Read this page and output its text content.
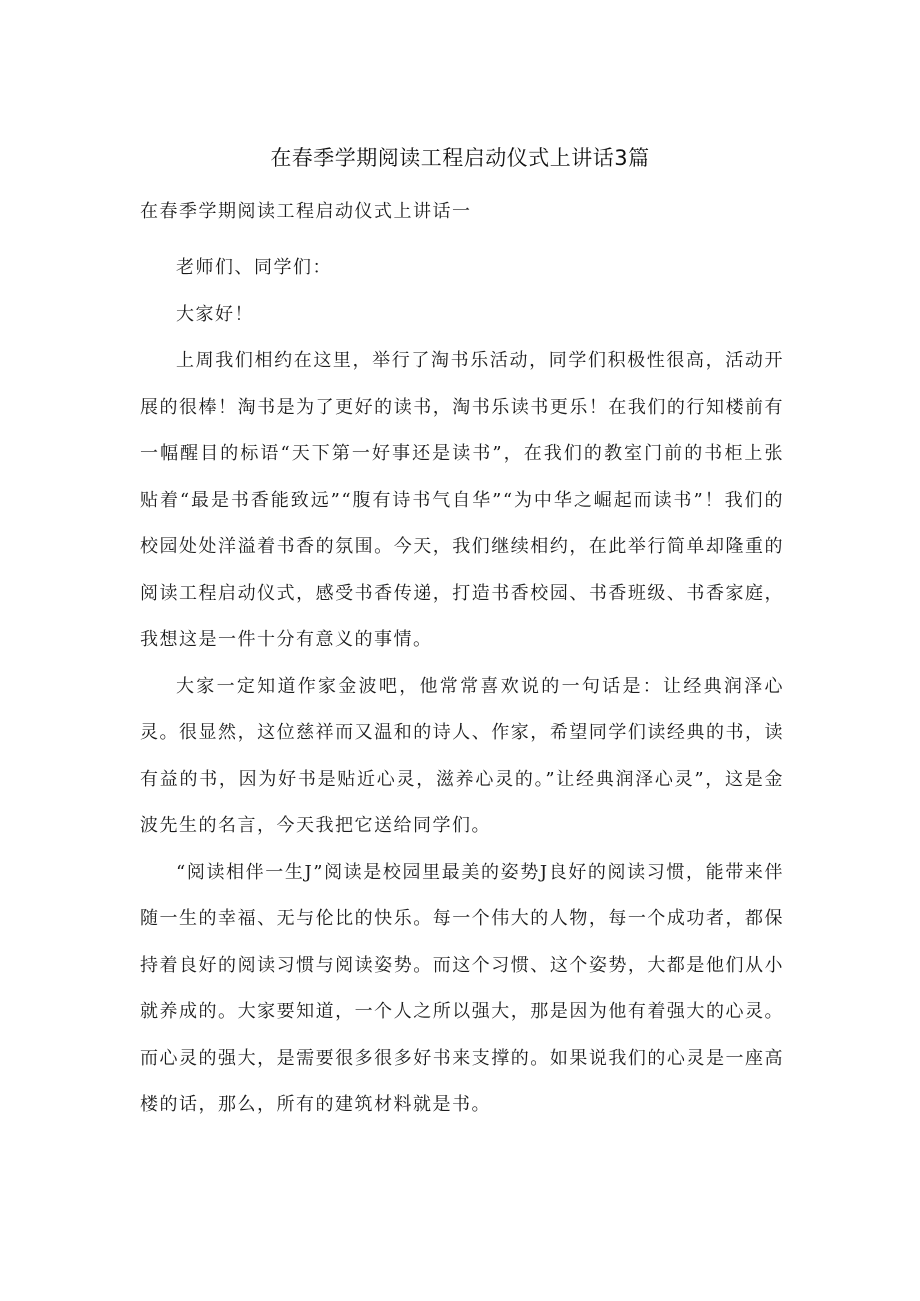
在春季学期阅读工程启动仪式上讲话3篇
在春季学期阅读工程启动仪式上讲话一

老师们、同学们：

大家好！

上周我们相约在这里，举行了淘书乐活动，同学们积极性很高，活动开展的很棒！淘书是为了更好的读书，淘书乐读书更乐！在我们的行知楼前有一幅醒目的标语“天下第一好事还是读书”，在我们的教室门前的书柜上张贴着“最是书香能致远”“腹有诗书气自华”“为中华之崛起而读书”！我们的校园处处洋溢着书香的氛围。今天，我们继续相约，在此举行简单却隆重的阅读工程启动仪式，感受书香传递，打造书香校园、书香班级、书香家庭，我想这是一件十分有意义的事情。

大家一定知道作家金波吧，他常常喜欢说的一句话是：让经典润泽心灵。很显然，这位慈祥而又温和的诗人、作家，希望同学们读经典的书，读有益的书，因为好书是贴近心灵，滋养心灵的。”让经典润泽心灵”，这是金波先生的名言，今天我把它送给同学们。

“阅读相伴一生J”阅读是校园里最美的姿势J良好的阅读习惯，能带来伴随一生的幸福、无与伦比的快乐。每一个伟大的人物，每一个成功者，都保持着良好的阅读习惯与阅读姿势。而这个习惯、这个姿势，大都是他们从小就养成的。大家要知道，一个人之所以强大，那是因为他有着强大的心灵。而心灵的强大，是需要很多很多好书来支撑的。如果说我们的心灵是一座高楼的话，那么，所有的建筑材料就是书。
